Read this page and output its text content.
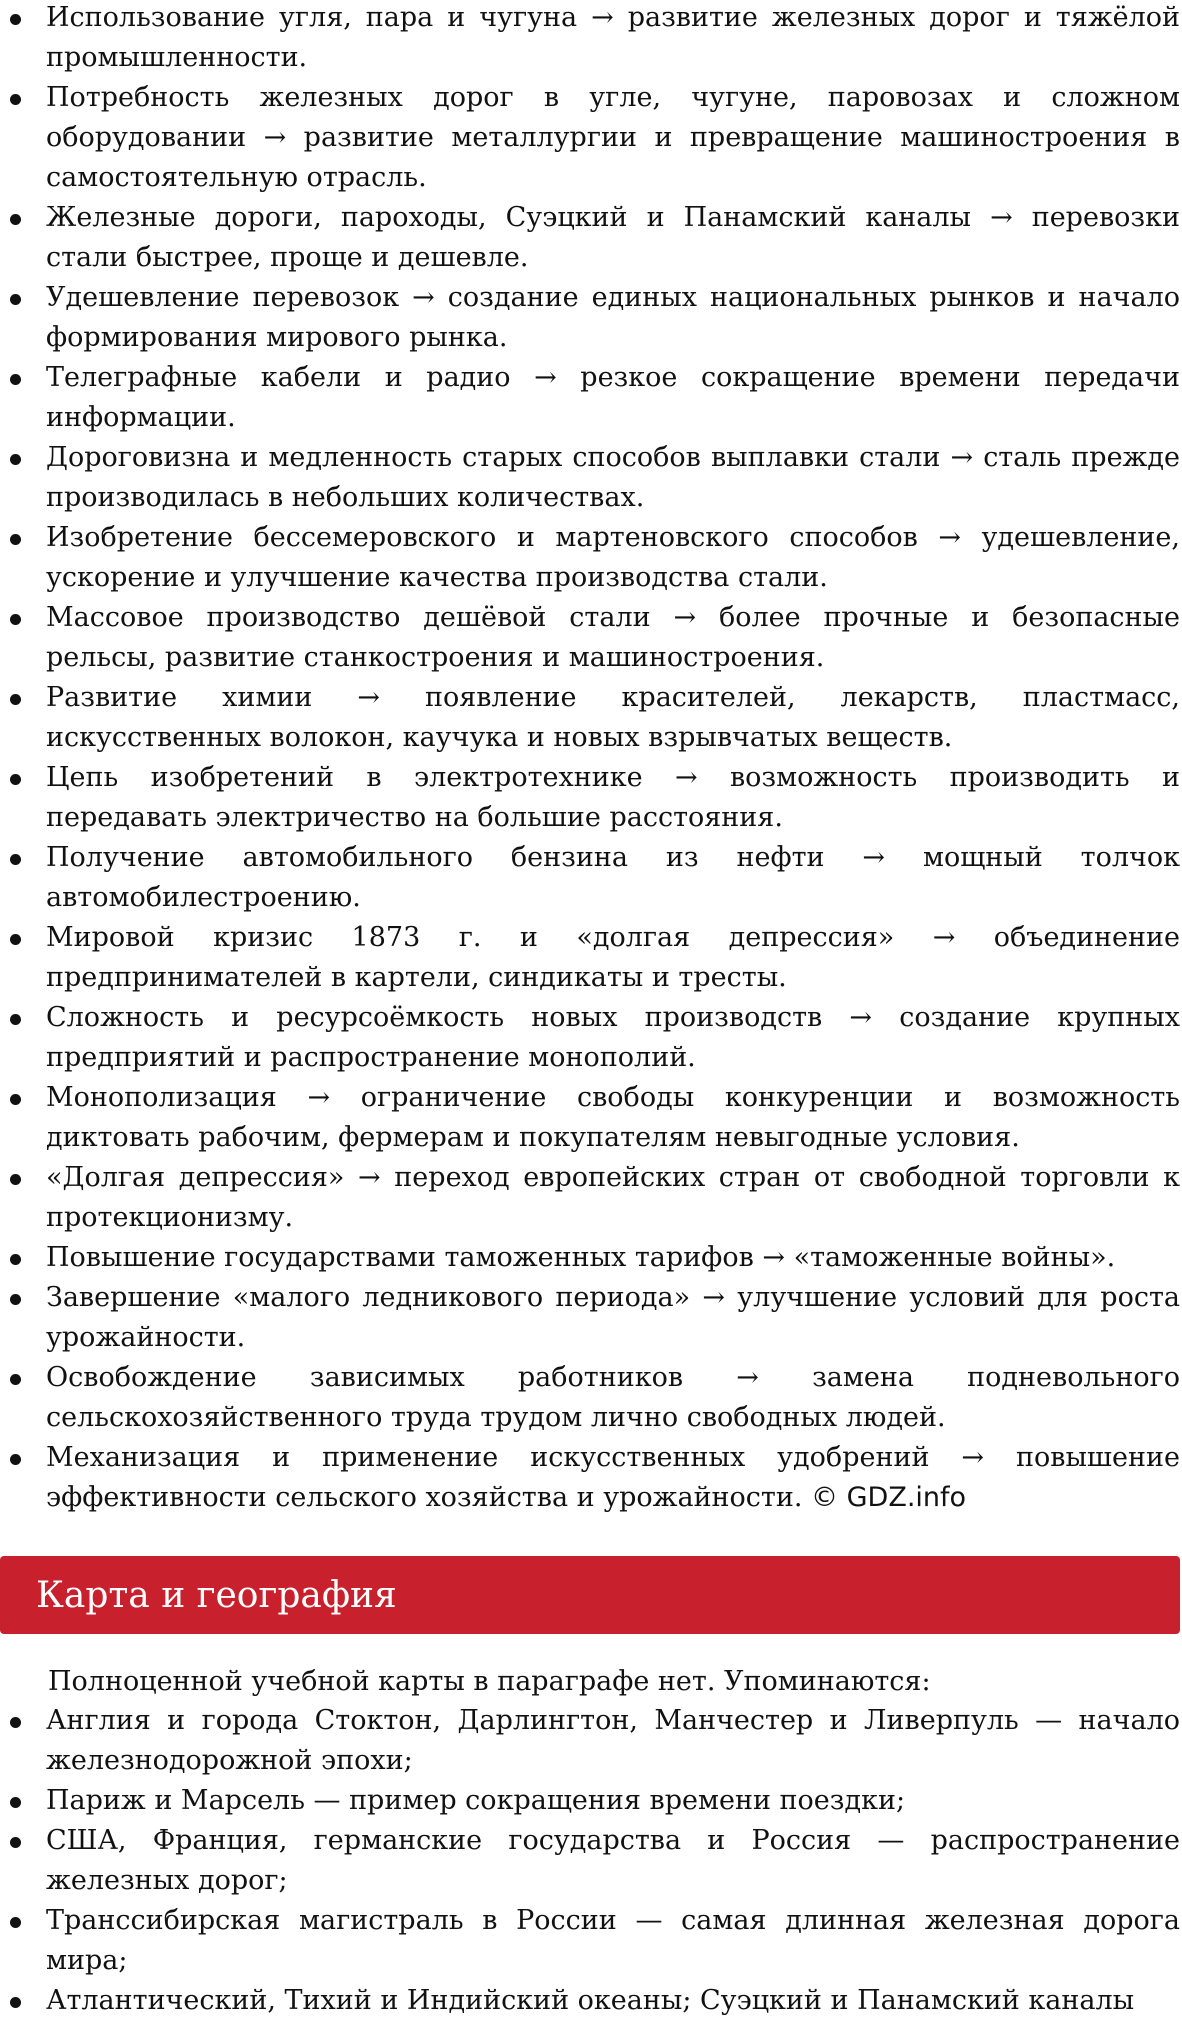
Использование угля, пара и чугуна → развитие железных дорог и тяжёлой промышленности.
Потребность железных дорог в угле, чугуне, паровозах и сложном оборудовании → развитие металлургии и превращение машиностроения в самостоятельную отрасль.
Железные дороги, пароходы, Суэцкий и Панамский каналы → перевозки стали быстрее, проще и дешевле.
Удешевление перевозок → создание единых национальных рынков и начало формирования мирового рынка.
Телеграфные кабели и радио → резкое сокращение времени передачи информации.
Дороговизна и медленность старых способов выплавки стали → сталь прежде производилась в небольших количествах.
Изобретение бессемеровского и мартеновского способов → удешевление, ускорение и улучшение качества производства стали.
Массовое производство дешёвой стали → более прочные и безопасные рельсы, развитие станкостроения и машиностроения.
Развитие химии → появление красителей, лекарств, пластмасс, искусственных волокон, каучука и новых взрывчатых веществ.
Цепь изобретений в электротехнике → возможность производить и передавать электричество на большие расстояния.
Получение автомобильного бензина из нефти → мощный толчок автомобилестроению.
Мировой кризис 1873 г. и «долгая депрессия» → объединение предпринимателей в картели, синдикаты и тресты.
Сложность и ресурсоёмкость новых производств → создание крупных предприятий и распространение монополий.
Монополизация → ограничение свободы конкуренции и возможность диктовать рабочим, фермерам и покупателям невыгодные условия.
«Долгая депрессия» → переход европейских стран от свободной торговли к протекционизму.
Повышение государствами таможенных тарифов → «таможенные войны».
Завершение «малого ледникового периода» → улучшение условий для роста урожайности.
Освобождение зависимых работников → замена подневольного сельскохозяйственного труда трудом лично свободных людей.
Механизация и применение искусственных удобрений → повышение эффективности сельского хозяйства и урожайности. © GDZ.info
Карта и география

Полноценной учебной карты в параграфе нет. Упоминаются:

Англия и города Стоктон, Дарлингтон, Манчестер и Ливерпуль — начало железнодорожной эпохи;
Париж и Марсель — пример сокращения времени поездки;
США, Франция, германские государства и Россия — распространение железных дорог;
Транссибирская магистраль в России — самая длинная железная дорога мира;
Атлантический, Тихий и Индийский океаны; Суэцкий и Панамский каналы
